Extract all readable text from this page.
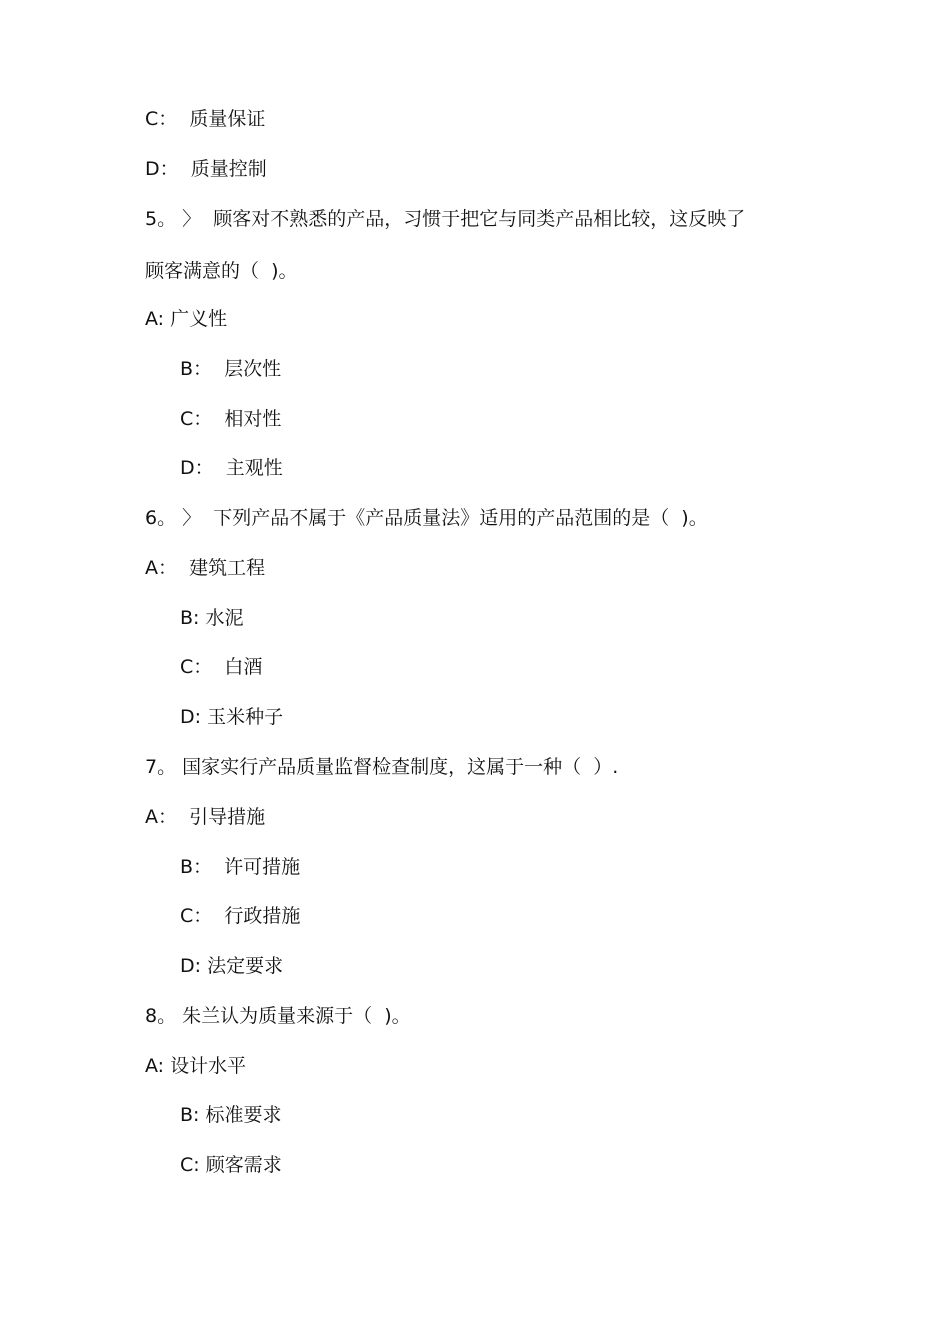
C：  质量保证
D：  质量控制
5。 〉  顾客对不熟悉的产品，习惯于把它与同类产品相比较，这反映了
顾客满意的（  )。
A: 广义性
B：  层次性
C：  相对性
D：  主观性
6。 〉  下列产品不属于《产品质量法》适用的产品范围的是（  )。
A：  建筑工程
B: 水泥
C：  白酒
D: 玉米种子
7。 国家实行产品质量监督检查制度，这属于一种（  ）.
A：  引导措施
B：  许可措施
C：  行政措施
D: 法定要求
8。 朱兰认为质量来源于（  )。
A: 设计水平
B: 标准要求
C: 顾客需求
